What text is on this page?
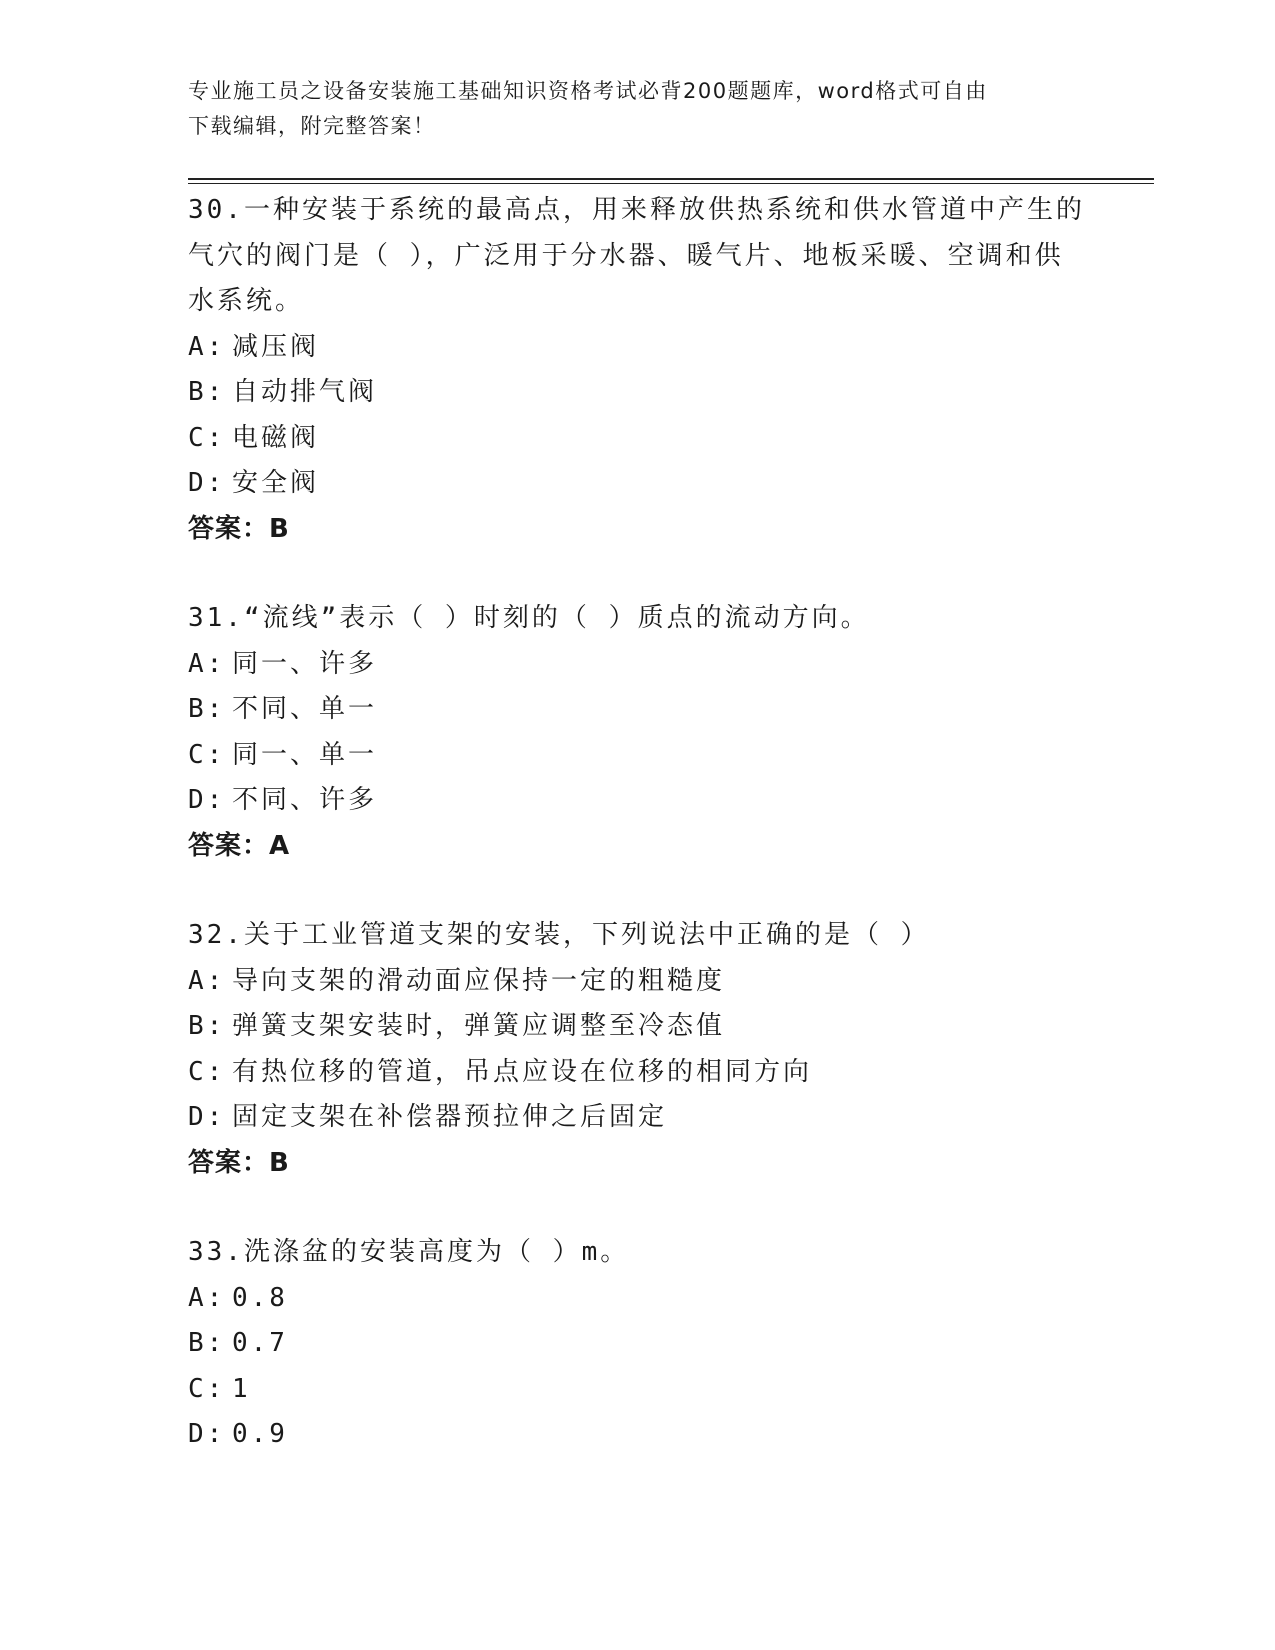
专业施工员之设备安装施工基础知识资格考试必背200题题库，word格式可自由
下载编辑，附完整答案！
30.一种安装于系统的最高点，用来释放供热系统和供水管道中产生的气穴的阀门是（ ），广泛用于分水器、暖气片、地板采暖、空调和供水系统。
A: 减压阀
B: 自动排气阀
C: 电磁阀
D: 安全阀
答案：B
31.“流线”表示（ ）时刻的（ ）质点的流动方向。
A: 同一、许多
B: 不同、单一
C: 同一、单一
D: 不同、许多
答案：A
32.关于工业管道支架的安装，下列说法中正确的是（ ）
A: 导向支架的滑动面应保持一定的粗糙度
B: 弹簧支架安装时，弹簧应调整至冷态值
C: 有热位移的管道，吊点应设在位移的相同方向
D: 固定支架在补偿器预拉伸之后固定
答案：B
33.洗涤盆的安装高度为（ ）m。
A: 0.8
B: 0.7
C: 1
D: 0.9
